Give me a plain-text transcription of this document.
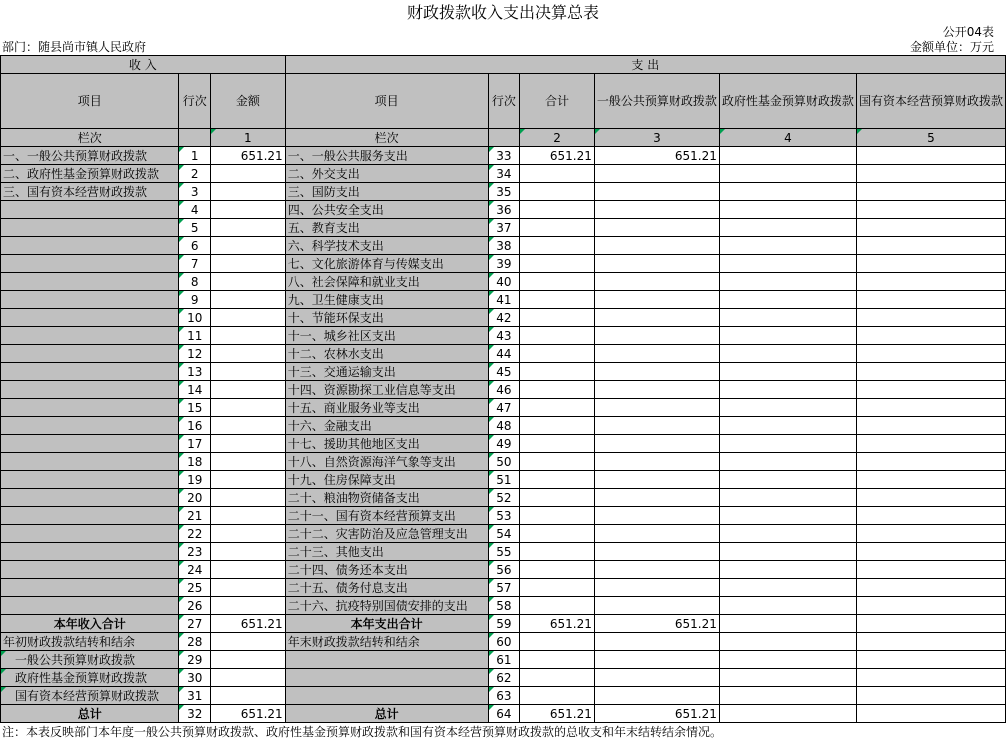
财政拨款收入支出决算总表
公开04表
部门：随县尚市镇人民政府	金额单位：万元
收 入			支 出					
项目	行次	金额	项目	行次	合计	一般公共预算财政拨款	政府性基金预算财政拨款	国有资本经营预算财政拨款
栏次		1	栏次		2	3	4	5
一、一般公共预算财政拨款	1	651.21	一、一般公共服务支出	33	651.21	651.21		
二、政府性基金预算财政拨款	2		二、外交支出	34				
三、国有资本经营财政拨款	3		三、国防支出	35				
	4		四、公共安全支出	36				
	5		五、教育支出	37				
	6		六、科学技术支出	38				
	7		七、文化旅游体育与传媒支出	39				
	8		八、社会保障和就业支出	40				
	9		九、卫生健康支出	41				
	10		十、节能环保支出	42				
	11		十一、城乡社区支出	43				
	12		十二、农林水支出	44				
	13		十三、交通运输支出	45				
	14		十四、资源勘探工业信息等支出	46				
	15		十五、商业服务业等支出	47				
	16		十六、金融支出	48				
	17		十七、援助其他地区支出	49				
	18		十八、自然资源海洋气象等支出	50				
	19		十九、住房保障支出	51				
	20		二十、粮油物资储备支出	52				
	21		二十一、国有资本经营预算支出	53				
	22		二十二、灾害防治及应急管理支出	54				
	23		二十三、其他支出	55				
	24		二十四、债务还本支出	56				
	25		二十五、债务付息支出	57				
	26		二十六、抗疫特别国债安排的支出	58				
本年收入合计	27	651.21	本年支出合计	59	651.21	651.21		
年初财政拨款结转和结余	28		年末财政拨款结转和结余	60				
一般公共预算财政拨款	29			61				
政府性基金预算财政拨款	30			62				
国有资本经营预算财政拨款	31			63				
总计	32	651.21	总计	64	651.21	651.21		
注：本表反映部门本年度一般公共预算财政拨款、政府性基金预算财政拨款和国有资本经营预算财政拨款的总收支和年末结转结余情况。
